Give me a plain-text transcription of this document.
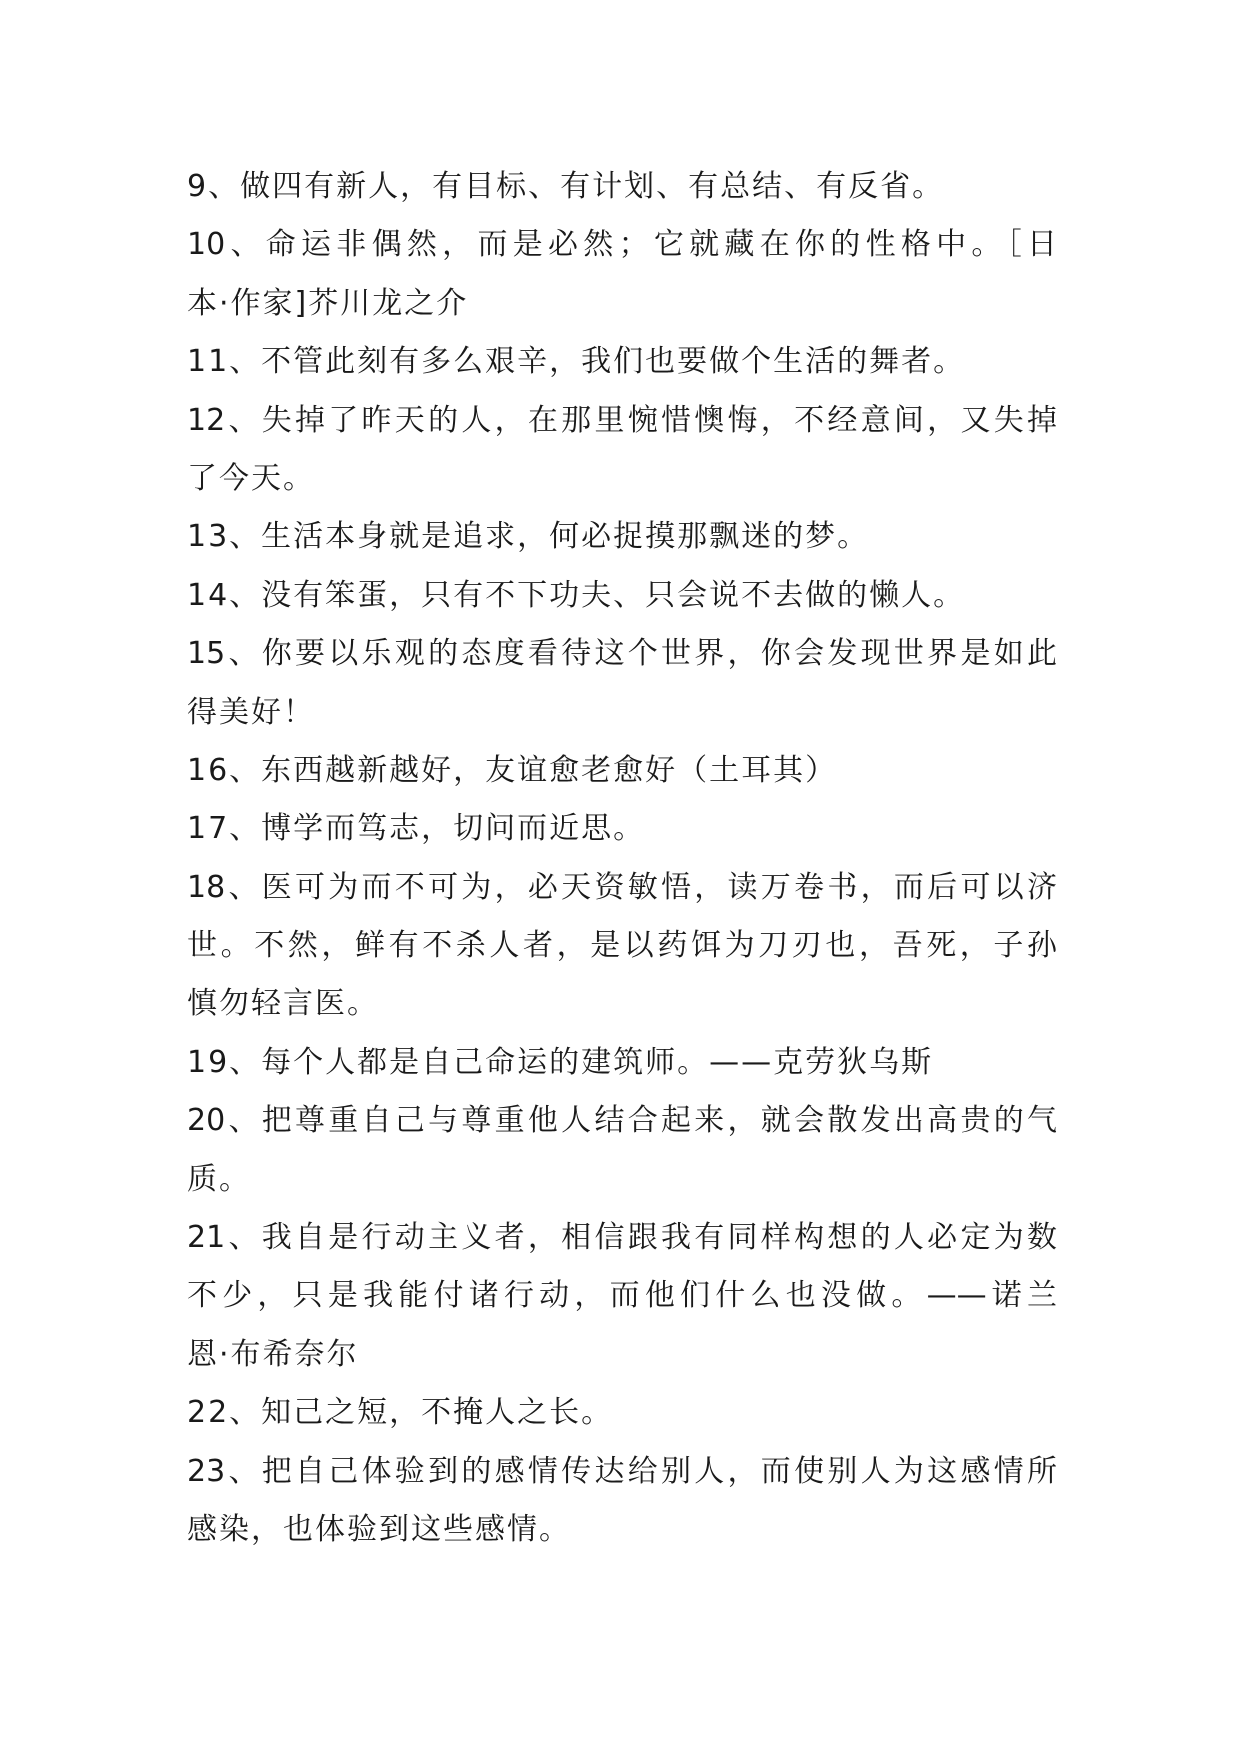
9、做四有新人，有目标、有计划、有总结、有反省。
10、命运非偶然，而是必然；它就藏在你的性格中。［日
本·作家]芥川龙之介
11、不管此刻有多么艰辛，我们也要做个生活的舞者。
12、失掉了昨天的人，在那里惋惜懊悔，不经意间，又失掉
了今天。
13、生活本身就是追求，何必捉摸那飘迷的梦。
14、没有笨蛋，只有不下功夫、只会说不去做的懒人。
15、你要以乐观的态度看待这个世界，你会发现世界是如此
得美好！
16、东西越新越好，友谊愈老愈好（土耳其）
17、博学而笃志，切问而近思。
18、医可为而不可为，必天资敏悟，读万卷书，而后可以济
世。不然，鲜有不杀人者，是以药饵为刀刃也，吾死，子孙
慎勿轻言医。
19、每个人都是自己命运的建筑师。——克劳狄乌斯
20、把尊重自己与尊重他人结合起来，就会散发出高贵的气
质。
21、我自是行动主义者，相信跟我有同样构想的人必定为数
不少，只是我能付诸行动，而他们什么也没做。——诺兰
恩·布希奈尔
22、知己之短，不掩人之长。
23、把自己体验到的感情传达给别人，而使别人为这感情所
感染，也体验到这些感情。
